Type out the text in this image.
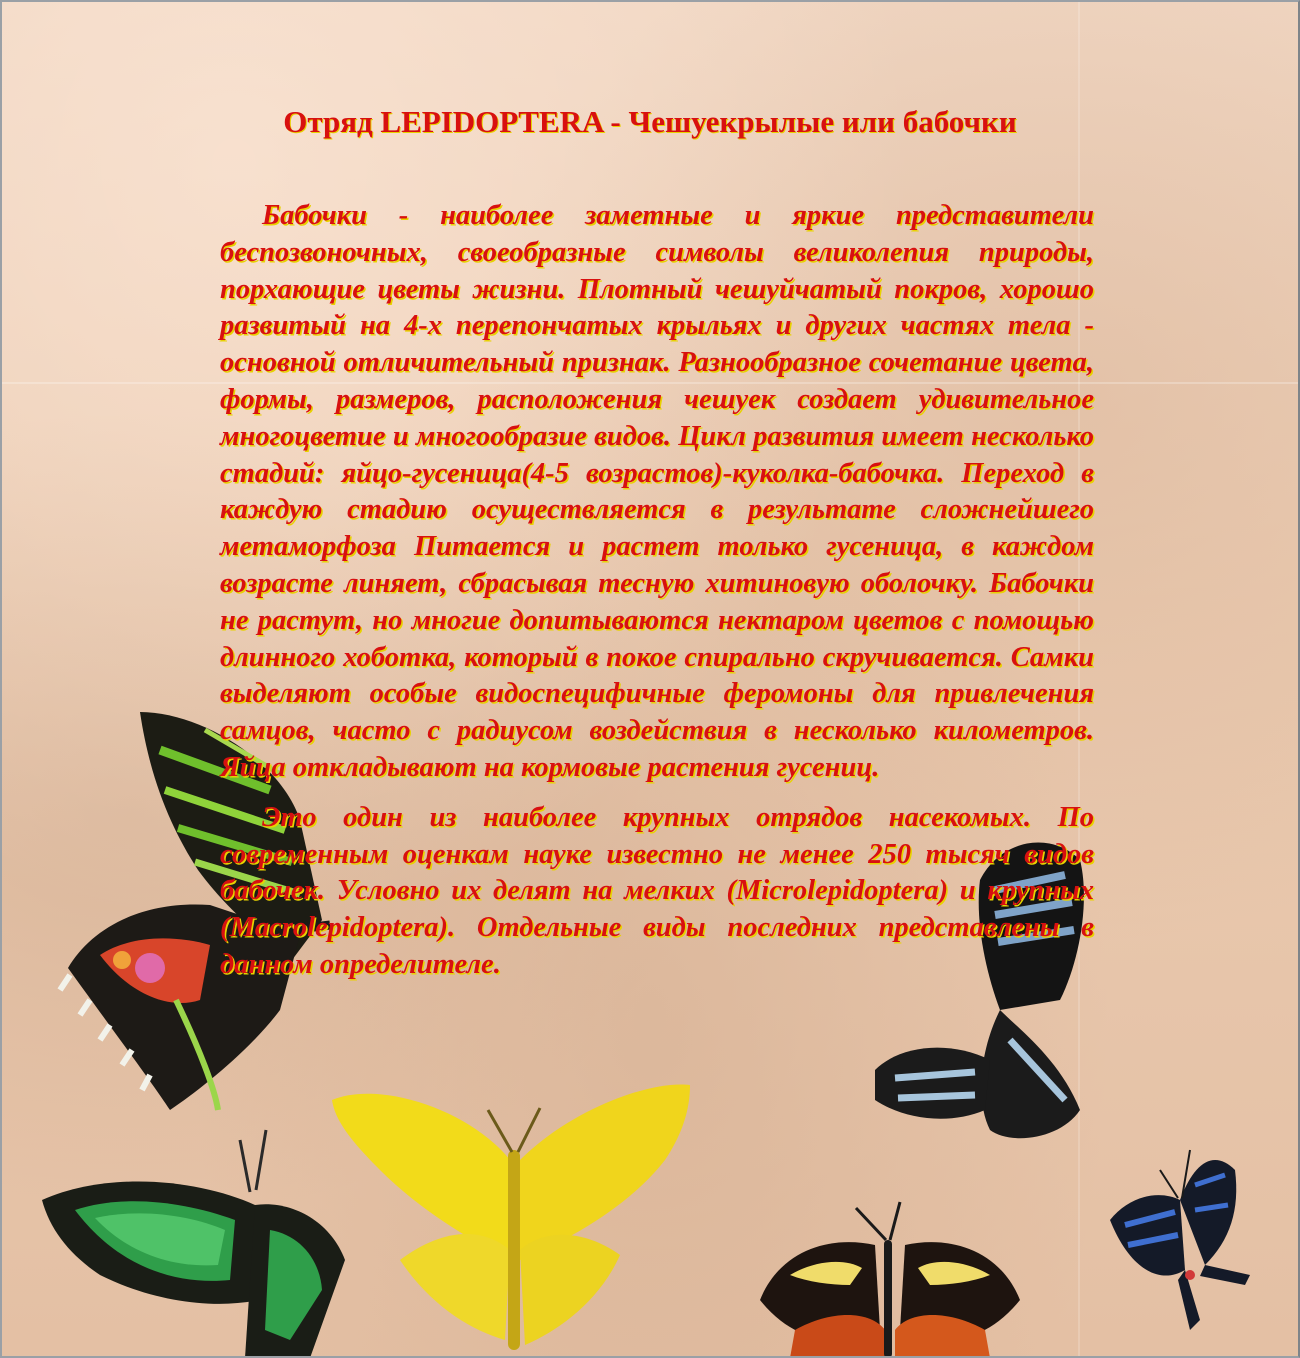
Отряд LEPIDOPTERA - Чешуекрылые или бабочки

Бабочки - наиболее заметные и яркие представители беспозвоночных, своеобразные символы великолепия природы, порхающие цветы жизни. Плотный чешуйчатый покров, хорошо развитый на 4-х перепончатых крыльях и других частях тела - основной отличительный признак. Разнообразное сочетание цвета, формы, размеров, расположения чешуек создает удивительное многоцветие и многообразие видов. Цикл развития имеет несколько стадий: яйцо-гусеница(4-5 возрастов)-куколка-бабочка. Переход в каждую стадию осуществляется в результате сложнейшего метаморфоза Питается и растет только гусеница, в каждом возрасте линяет, сбрасывая тесную хитиновую оболочку. Бабочки не растут, но многие допитываются нектаром цветов с помощью длинного хоботка, который в покое спирально скручивается. Самки выделяют особые видоспецифичные феромоны для привлечения самцов, часто с радиусом воздействия в несколько километров. Яйца откладывают на кормовые растения гусениц.

Это один из наиболее крупных отрядов насекомых. По современным оценкам науке известно не менее 250 тысяч видов бабочек. Условно их делят на мелких (Microlepidoptera) и крупных (Macrolepidoptera). Отдельные виды последних представлены в данном определителе.
